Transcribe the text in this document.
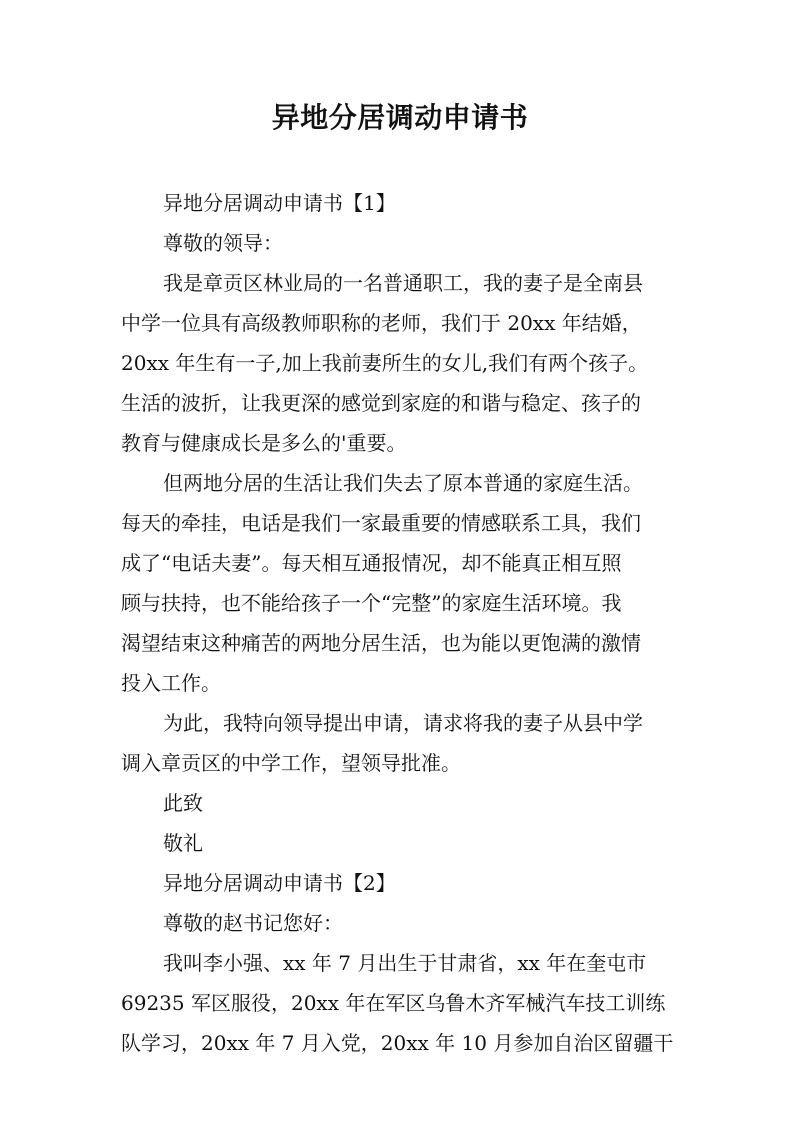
异地分居调动申请书
异地分居调动申请书【1】
尊敬的领导：
我是章贡区林业局的一名普通职工，我的妻子是全南县
中学一位具有高级教师职称的老师，我们于 20xx 年结婚，
20xx 年生有一子,加上我前妻所生的女儿,我们有两个孩子。
生活的波折，让我更深的感觉到家庭的和谐与稳定、孩子的
教育与健康成长是多么的'重要。
但两地分居的生活让我们失去了原本普通的家庭生活。
每天的牵挂，电话是我们一家最重要的情感联系工具，我们
成了“电话夫妻”。每天相互通报情况，却不能真正相互照
顾与扶持，也不能给孩子一个“完整”的家庭生活环境。我
渴望结束这种痛苦的两地分居生活，也为能以更饱满的激情
投入工作。
为此，我特向领导提出申请，请求将我的妻子从县中学
调入章贡区的中学工作，望领导批准。
此致
敬礼
异地分居调动申请书【2】
尊敬的赵书记您好：
我叫李小强、xx 年 7 月出生于甘肃省，xx 年在奎屯市
69235 军区服役，20xx 年在军区乌鲁木齐军械汽车技工训练
队学习，20xx 年 7 月入党，20xx 年 10 月参加自治区留疆干
